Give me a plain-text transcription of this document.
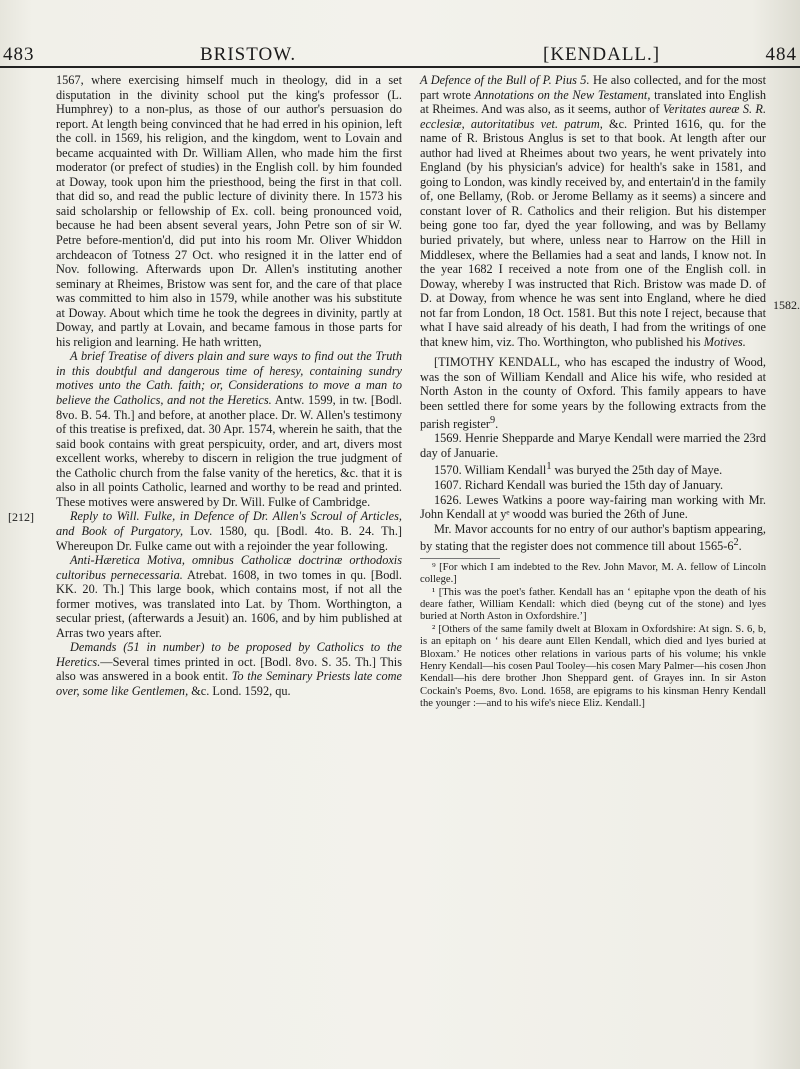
483	BRISTOW.	[KENDALL.]	484
[212]
1582.

1567, where exercising himself much in theology, did in a set disputation in the divinity school put the king's professor (L. Humphrey) to a non-plus, as those of our author's persuasion do report. At length being convinced that he had erred in his opinion, left the coll. in 1569, his religion, and the kingdom, went to Lovain and became acquainted with Dr. William Allen, who made him the first moderator (or prefect of studies) in the English coll. by him founded at Doway, took upon him the priesthood, being the first in that coll. that did so, and read the public lecture of divinity there. In 1573 his said scholarship or fellowship of Ex. coll. being pronounced void, because he had been absent several years, John Petre son of sir W. Petre before-mention'd, did put into his room Mr. Oliver Whiddon archdeacon of Totness 27 Oct. who resigned it in the latter end of Nov. following. Afterwards upon Dr. Allen's instituting another seminary at Rheimes, Bristow was sent for, and the care of that place was committed to him also in 1579, while another was his substitute at Doway. About which time he took the degrees in divinity, partly at Doway, and partly at Lovain, and became famous in those parts for his religion and learning. He hath written,

A brief Treatise of divers plain and sure ways to find out the Truth in this doubtful and dangerous time of heresy, containing sundry motives unto the Cath. faith; or, Considerations to move a man to believe the Catholics, and not the Heretics. Antw. 1599, in tw. [Bodl. 8vo. B. 54. Th.] and before, at another place. Dr. W. Allen's testimony of this treatise is prefixed, dat. 30 Apr. 1574, wherein he saith, that the said book contains with great perspicuity, order, and art, divers most excellent works, whereby to discern in religion the true judgment of the Catholic church from the false vanity of the heretics, &c. that it is also in all points Catholic, learned and worthy to be read and printed. These motives were answered by Dr. Will. Fulke of Cambridge.

Reply to Will. Fulke, in Defence of Dr. Allen's Scroul of Articles, and Book of Purgatory, Lov. 1580, qu. [Bodl. 4to. B. 24. Th.] Whereupon Dr. Fulke came out with a rejoinder the year following.

Anti-Hæretica Motiva, omnibus Catholicæ doctrinæ orthodoxis cultoribus pernecessaria. Atrebat. 1608, in two tomes in qu. [Bodl. KK. 20. Th.] This large book, which contains most, if not all the former motives, was translated into Lat. by Thom. Worthington, a secular priest, (afterwards a Jesuit) an. 1606, and by him published at Arras two years after.

Demands (51 in number) to be proposed by Catholics to the Heretics.—Several times printed in oct. [Bodl. 8vo. S. 35. Th.] This also was answered in a book entit. To the Seminary Priests late come over, some like Gentlemen, &c. Lond. 1592, qu.

A Defence of the Bull of P. Pius 5. He also collected, and for the most part wrote Annotations on the New Testament, translated into English at Rheimes. And was also, as it seems, author of Veritates aureæ S. R. ecclesiæ, autoritatibus vet. patrum, &c. Printed 1616, qu. for the name of R. Bristous Anglus is set to that book. At length after our author had lived at Rheimes about two years, he went privately into England (by his physician's advice) for health's sake in 1581, and going to London, was kindly received by, and entertain'd in the family of, one Bellamy, (Rob. or Jerome Bellamy as it seems) a sincere and constant lover of R. Catholics and their religion. But his distemper being gone too far, dyed the year following, and was by Bellamy buried privately, but where, unless near to Harrow on the Hill in Middlesex, where the Bellamies had a seat and lands, I know not. In the year 1682 I received a note from one of the English coll. in Doway, whereby I was instructed that Rich. Bristow was made D. of D. at Doway, from whence he was sent into England, where he died not far from London, 18 Oct. 1581. But this note I reject, because that what I have said already of his death, I had from the writings of one that knew him, viz. Tho. Worthington, who published his Motives.

[TIMOTHY KENDALL, who has escaped the industry of Wood, was the son of William Kendall and Alice his wife, who resided at North Aston in the county of Oxford. This family appears to have been settled there for some years by the following extracts from the parish register$^9$.

1569. Henrie Shepparde and Marye Kendall were married the 23rd day of Januarie.

1570. William Kendall$^1$ was buryed the 25th day of Maye.

1607. Richard Kendall was buried the 15th day of January.

1626. Lewes Watkins a poore way-fairing man working with Mr. John Kendall at yᵉ woodd was buried the 26th of June.

Mr. Mavor accounts for no entry of our author's baptism appearing, by stating that the register does not commence till about $1565-6^2$.

⁹ [For which I am indebted to the Rev. John Mavor, M. A. fellow of Lincoln college.]

¹ [This was the poet's father. Kendall has an ‘ epitaphe vpon the death of his deare father, William Kendall: which died (beyng cut of the stone) and lyes buried at North Aston in Oxfordshire.’]

² [Others of the same family dwelt at Bloxam in Oxfordshire: At sign. S. 6, b, is an epitaph on ‘ his deare aunt Ellen Kendall, which died and lyes buried at Bloxam.’ He notices other relations in various parts of his volume; his vnkle Henry Kendall—his cosen Paul Tooley—his cosen Mary Palmer—his cosen Jhon Kendall—his dere brother Jhon Sheppard gent. of Grayes inn. In sir Aston Cockain's Poems, 8vo. Lond. 1658, are epigrams to his kinsman Henry Kendall the younger :—and to his wife's niece Eliz. Kendall.]
